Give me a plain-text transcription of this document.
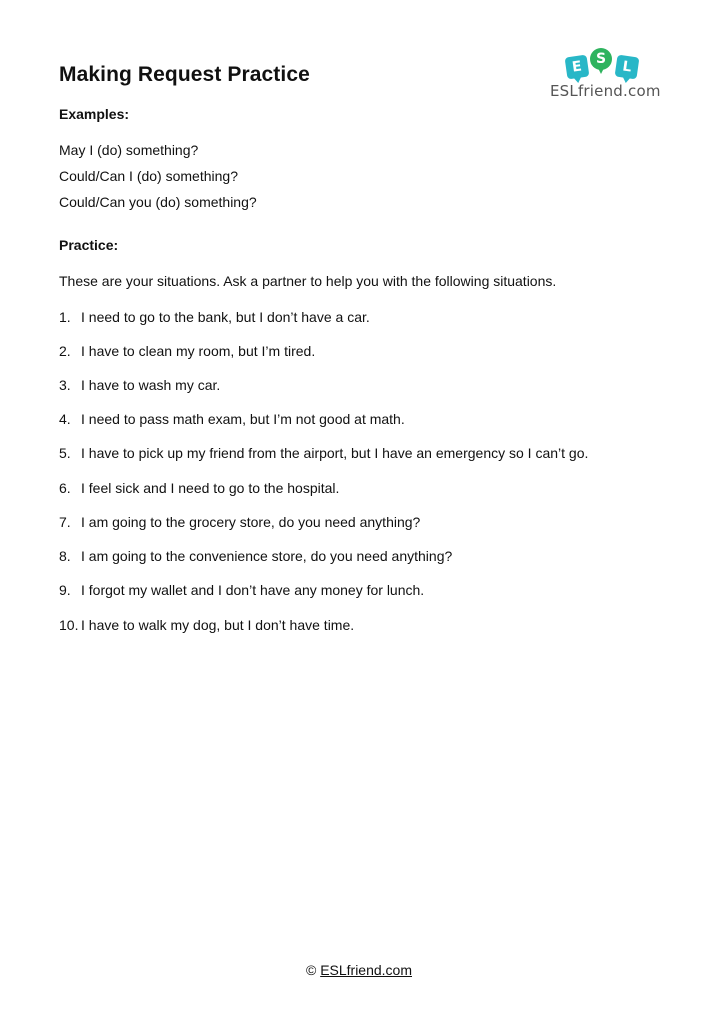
Making Request Practice	E S	L
ESLfriend.com
Examples:
May I (do) something?
Could/Can I (do) something?
Could/Can you (do) something?
Practice:
These are your situations. Ask a partner to help you with the following situations.
1. I need to go to the bank, but I don’t have a car.
2. I have to clean my room, but I’m tired.
3. I have to wash my car.
4. I need to pass math exam, but I’m not good at math.
5. I have to pick up my friend from the airport, but I have an emergency so I can’t go.
6. I feel sick and I need to go to the hospital.
7. I am going to the grocery store, do you need anything?
8. I am going to the convenience store, do you need anything?
9. I forgot my wallet and I don’t have any money for lunch.
10. I have to walk my dog, but I don’t have time.
© ESLfriend.com
